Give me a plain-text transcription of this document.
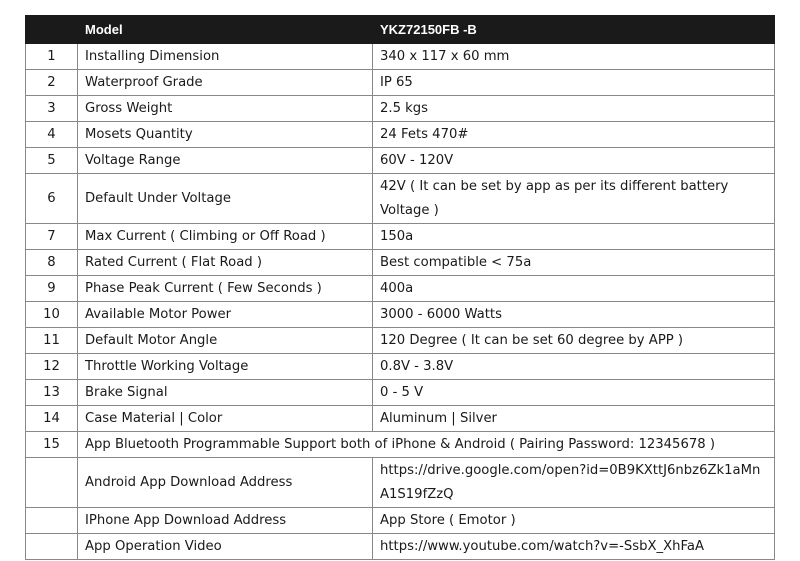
	Model	YKZ72150FB -B
1	Installing Dimension	340 x 117 x 60 mm
2	Waterproof Grade	IP 65
3	Gross Weight	2.5 kgs
4	Mosets Quantity	24 Fets 470#
5	Voltage Range	60V - 120V
6	Default Under Voltage	42V ( It can be set by app as per its different battery Voltage )
7	Max Current ( Climbing or Off Road )	150a
8	Rated Current ( Flat Road )	Best compatible < 75a
9	Phase Peak Current ( Few Seconds )	400a
10	Available Motor Power	3000 - 6000 Watts
11	Default Motor Angle	120 Degree ( It can be set 60 degree by APP )
12	Throttle Working Voltage	0.8V - 3.8V
13	Brake Signal	0 - 5 V
14	Case Material | Color	Aluminum | Silver
15	App Bluetooth Programmable Support both of iPhone & Android ( Pairing Password: 12345678 )	
	Android App Download Address	https://drive.google.com/open?id=0B9KXttJ6nbz6Zk1aMnA1S19fZzQ
	IPhone App Download Address	App Store ( Emotor )
	App Operation Video	https://www.youtube.com/watch?v=-SsbX_XhFaA
